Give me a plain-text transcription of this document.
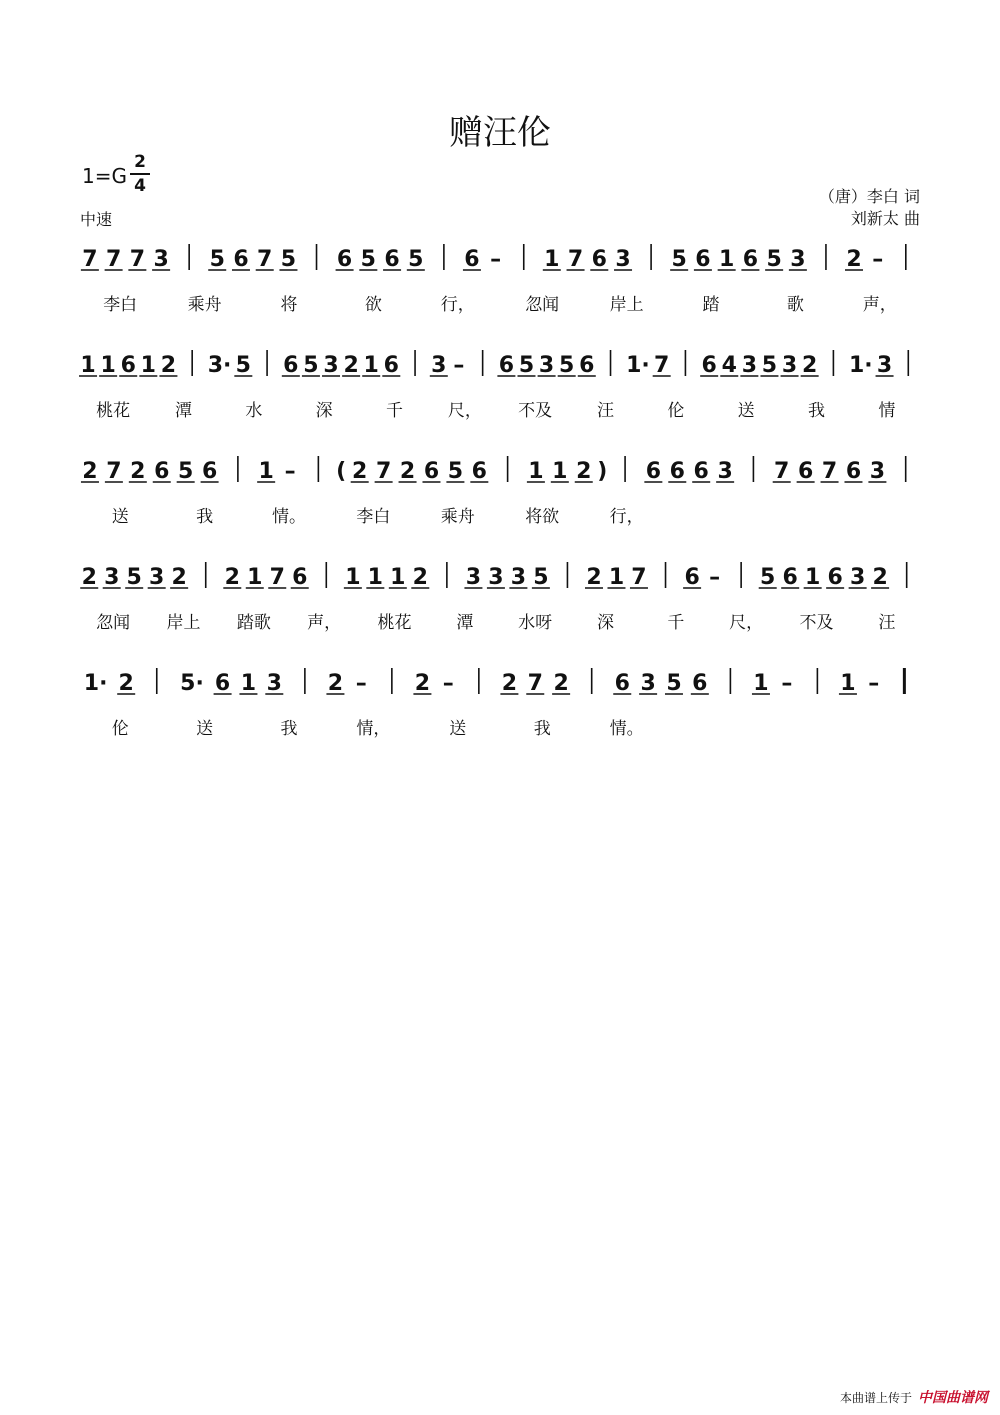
赠汪伦
1=G
2
4
中速
（唐）李白 词
刘新太 曲
7 7 7 3 5 6 7 5 6 5 6 5 6 – 1 7 6 3 5 6 1 6 5 3 2 –
李白	乘舟	将	欲	行，	忽闻	岸上	踏	歌	声，
1 1 6 1 2 3· 5 6 5 3 2 1 6 3 – 6 5 3 5 6 1· 7 6 4 3 5 3 2 1· 3
桃花	潭	水	深	千	尺， 不及	汪	伦	送	我	情
2 7 2 6 5 6 1 – ( 2 7 2 6 5 6 1 1 2 ) 6 6 6 3 7 6 7 6 3
送	我	情。	李白	乘舟	将欲	行，
2 3 5 3 2 2 1 7 6 1 1 1 2 3 3 3 5 2 1 7 6 – 5 6 1 6 3 2
忽闻 岸上 踏歌 声， 桃花	潭	水呀	深	千	尺， 不及	汪
1· 2 5· 6 1 3 2 – 2 – 2 7 2 6 3 5 6 1 – 1 –
伦	送	我	情，	送	我	情。
本曲谱上传于 中国曲谱网
